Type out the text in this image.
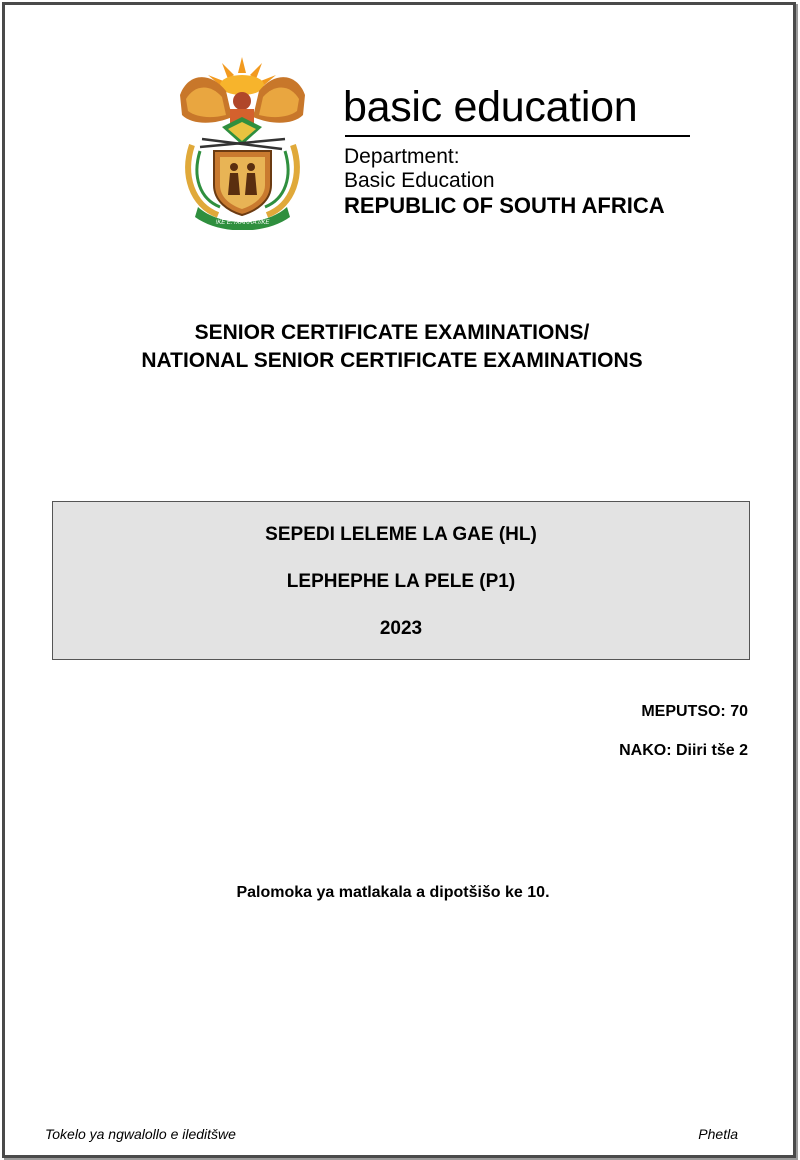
!KE E: /XARRA //KE
basic education
Department:
Basic Education
REPUBLIC OF SOUTH AFRICA
SENIOR CERTIFICATE EXAMINATIONS/
NATIONAL SENIOR CERTIFICATE EXAMINATIONS
SEPEDI LELEME LA GAE (HL)
LEPHEPHE LA PELE (P1)
2023
MEPUTSO: 70
NAKO: Diiri tše 2
Palomoka ya matlakala a dipotšišo ke 10.
Tokelo ya ngwalollo e ileditšwe	Phetla
